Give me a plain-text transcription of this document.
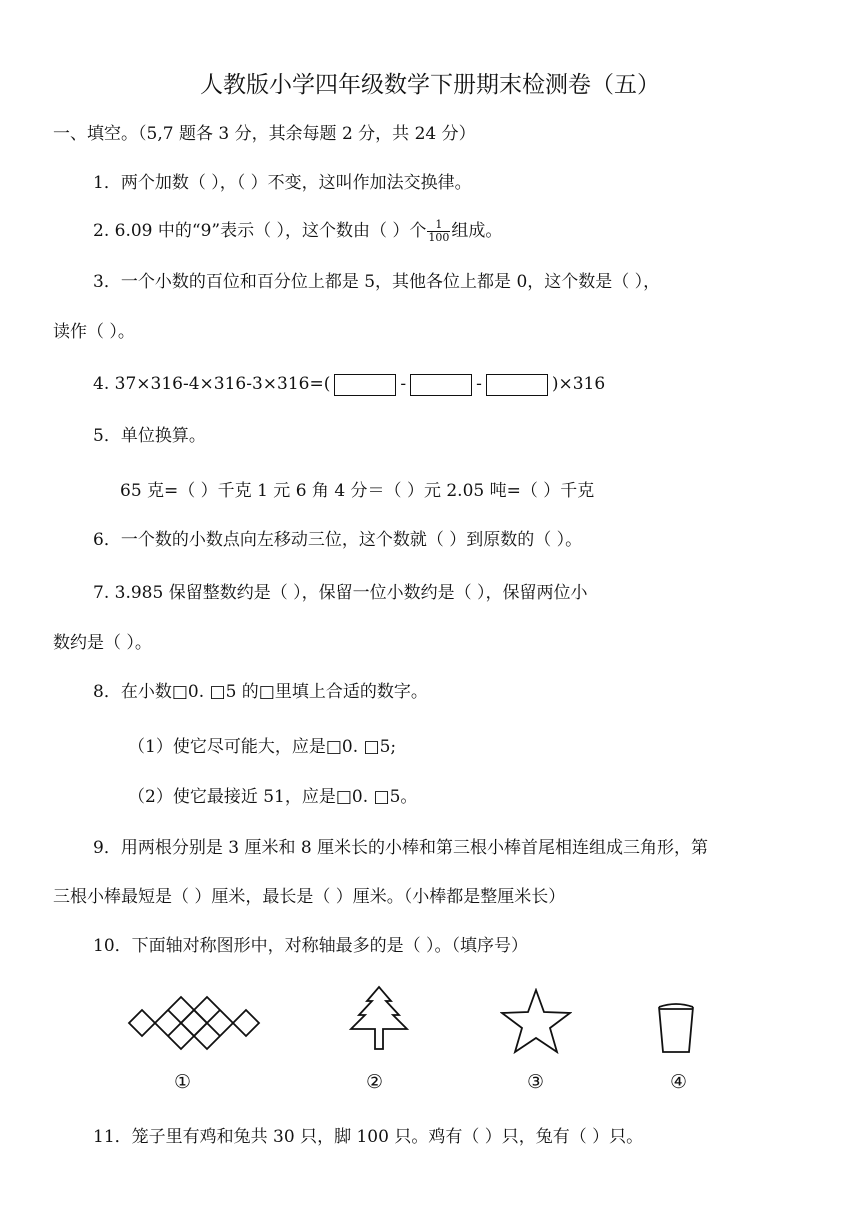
人教版小学四年级数学下册期末检测卷（五）
一、填空。（5,7 题各 3 分，其余每题 2 分，共 24 分）
1．两个加数（ ），（ ）不变，这叫作加法交换律。
2. 6.09 中的“9”表示（ ），这个数由（ ）个 $\frac{1}{100}$ 组成。
3．一个小数的百位和百分位上都是 5，其他各位上都是 0，这个数是（ ），
读作（ ）。
4. 37×316-4×316-3×316=(	-	-	)×316
5．单位换算。
65 克=（ ）千克 1 元 6 角 4 分＝（ ）元 2.05 吨=（ ）千克
6．一个数的小数点向左移动三位，这个数就（ ）到原数的（ ）。
7. 3.985 保留整数约是（ ），保留一位小数约是（ ），保留两位小
数约是（ ）。
8．在小数□0. □5 的□里填上合适的数字。
（1）使它尽可能大，应是□0. □5;
（2）使它最接近 51，应是□0. □5。
9．用两根分别是 3 厘米和 8 厘米长的小棒和第三根小棒首尾相连组成三角形，第
三根小棒最短是（ ）厘米，最长是（ ）厘米。（小棒都是整厘米长）
10．下面轴对称图形中，对称轴最多的是（ ）。（填序号）
①	②	③	④
11．笼子里有鸡和兔共 30 只，脚 100 只。鸡有（ ）只，兔有（ ）只。
